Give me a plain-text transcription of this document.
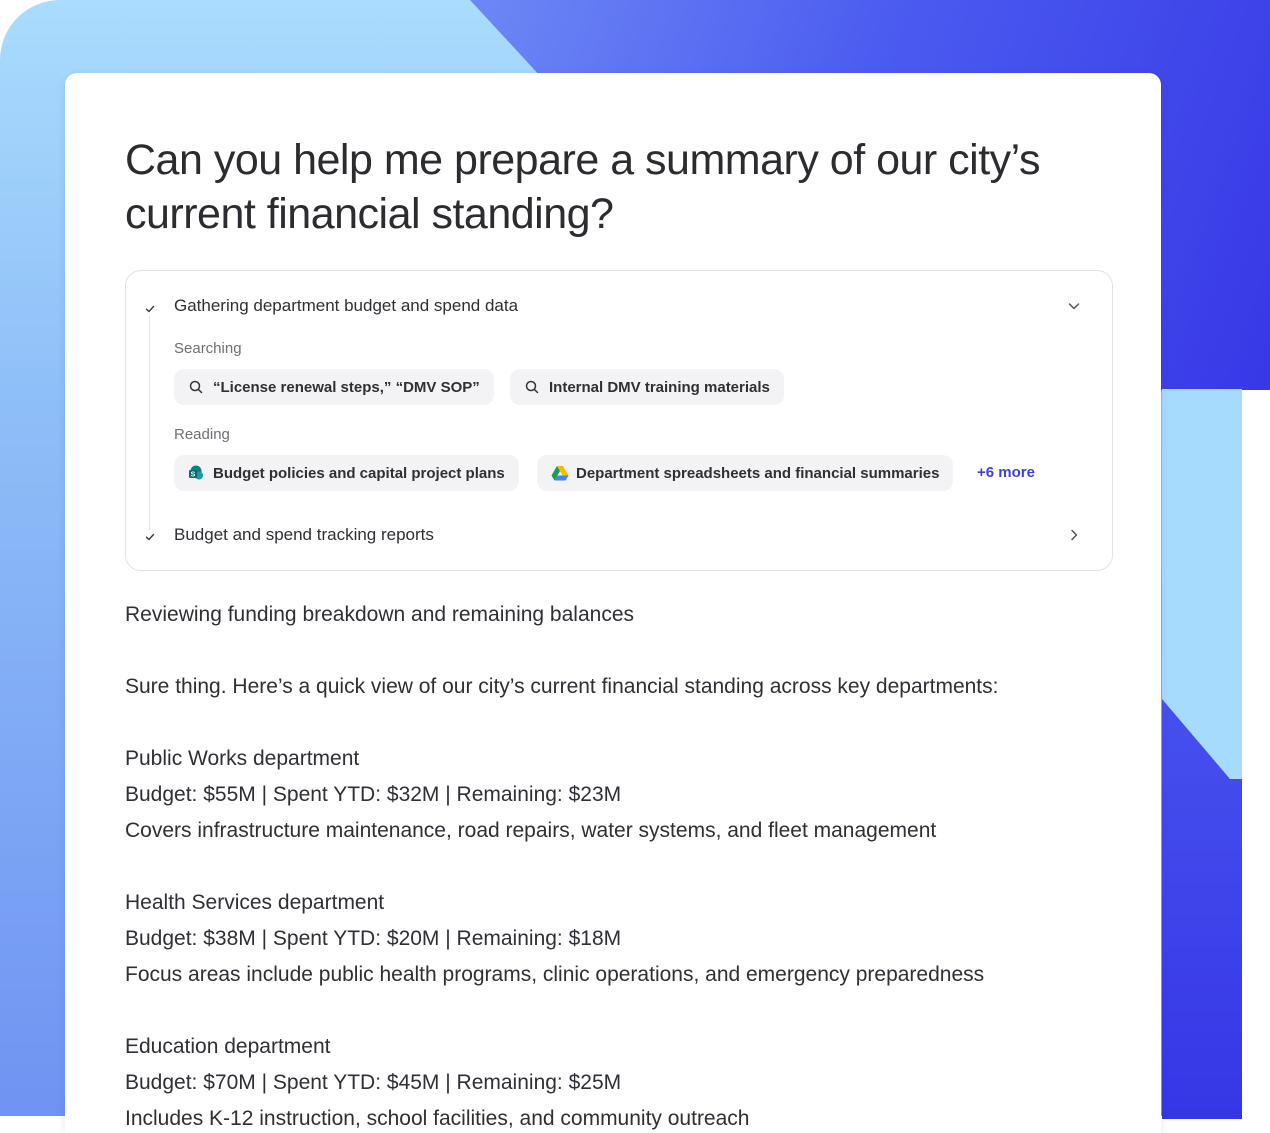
Can you help me prepare a summary of our city’s current financial standing?
Gathering department budget and spend data
Searching
“License renewal steps,” “DMV SOP”	Internal DMV training materials
Reading
S Budget policies and capital project plans	Department spreadsheets and financial summaries	+6 more
Budget and spend tracking reports
Reviewing funding breakdown and remaining balances
Sure thing. Here’s a quick view of our city’s current financial standing across key departments:
Public Works department
Budget: $55M | Spent YTD: $32M | Remaining: $23M
Covers infrastructure maintenance, road repairs, water systems, and fleet management
Health Services department
Budget: $38M | Spent YTD: $20M | Remaining: $18M
Focus areas include public health programs, clinic operations, and emergency preparedness
Education department
Budget: $70M | Spent YTD: $45M | Remaining: $25M
Includes K-12 instruction, school facilities, and community outreach
